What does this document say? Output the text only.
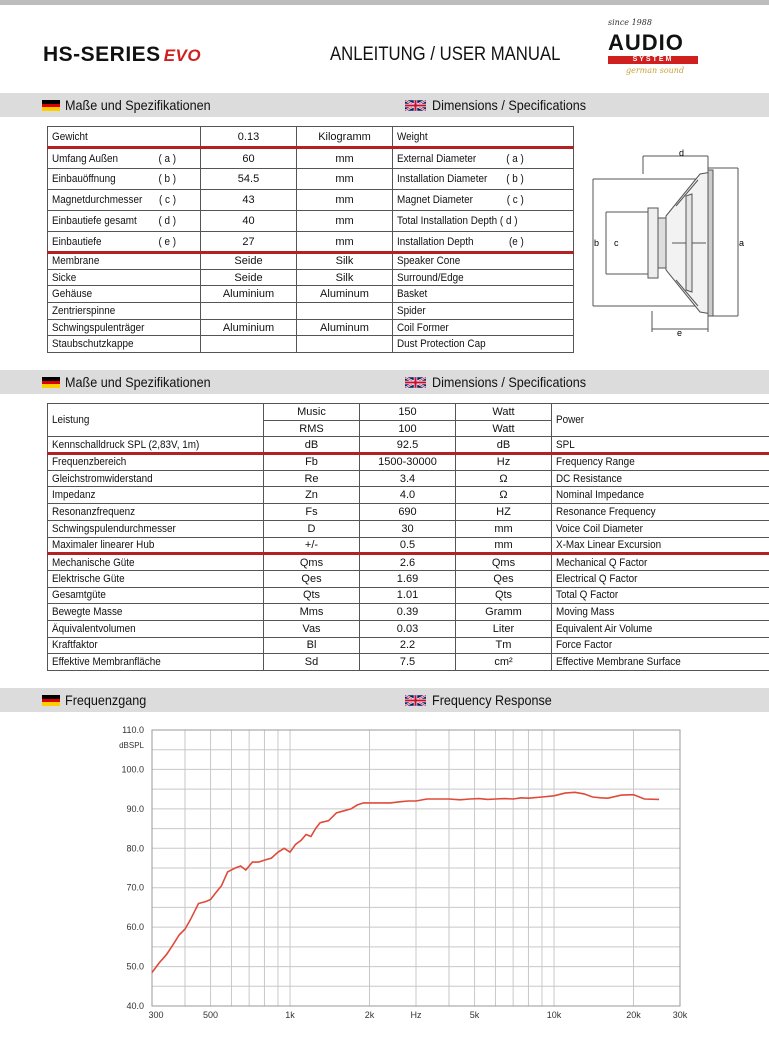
HS-SERIES EVO	ANLEITUNG / USER MANUAL
since 1988
AUDIO
SYSTEM
german sound
Maße und Spezifikationen	Dimensions / Specifications
Gewicht	0.13	Kilogramm	Weight

Umfang Außen ( a )	60	mm	External Diameter ( a )

Einbauöffnung ( b )	54.5	mm	Installation Diameter ( b )

Magnetdurchmesser ( c )	43	mm	Magnet Diameter ( c )

Einbautiefe gesamt ( d )	40	mm	Total Installation Depth ( d )

Einbautiefe ( e )	27	mm	Installation Depth (e )

Membrane	Seide	Silk	Speaker Cone
Sicke	Seide	Silk	Surround/Edge
Gehäuse	Aluminium	Aluminum	Basket
Zentrierspinne			Spider
Schwingspulenträger	Aluminium	Aluminum	Coil Former
Staubschutzkappe			Dust Protection Cap
d
b c	a
e
Maße und Spezifikationen	Dimensions / Specifications
Leistung	Music	150	Watt	Power
	RMS	100	Watt	
Kennschalldruck SPL (2,83V, 1m)	dB	92.5	dB	SPL
Frequenzbereich	Fb	1500-30000	Hz	Frequency Range
Gleichstromwiderstand	Re	3.4	Ω	DC Resistance
Impedanz	Zn	4.0	Ω	Nominal Impedance
Resonanzfrequenz	Fs	690	HZ	Resonance Frequency
Schwingspulendurchmesser	D	30	mm	Voice Coil Diameter
Maximaler linearer Hub	+/-	0.5	mm	X-Max Linear Excursion
Mechanische Güte	Qms	2.6	Qms	Mechanical Q Factor
Elektrische Güte	Qes	1.69	Qes	Electrical Q Factor
Gesamtgüte	Qts	1.01	Qts	Total Q Factor
Bewegte Masse	Mms	0.39	Gramm	Moving Mass
Äquivalentvolumen	Vas	0.03	Liter	Equivalent Air Volume
Kraftfaktor	Bl	2.2	Tm	Force Factor
Effektive Membranfläche	Sd	7.5	cm²	Effective Membrane Surface
Frequenzgang	Frequency Response
40.0
50.0
60.0
70.0
80.0
90.0
100.0
110.0
dBSPL
300	500	1k	2k	Hz	5k	10k	20k	30k
